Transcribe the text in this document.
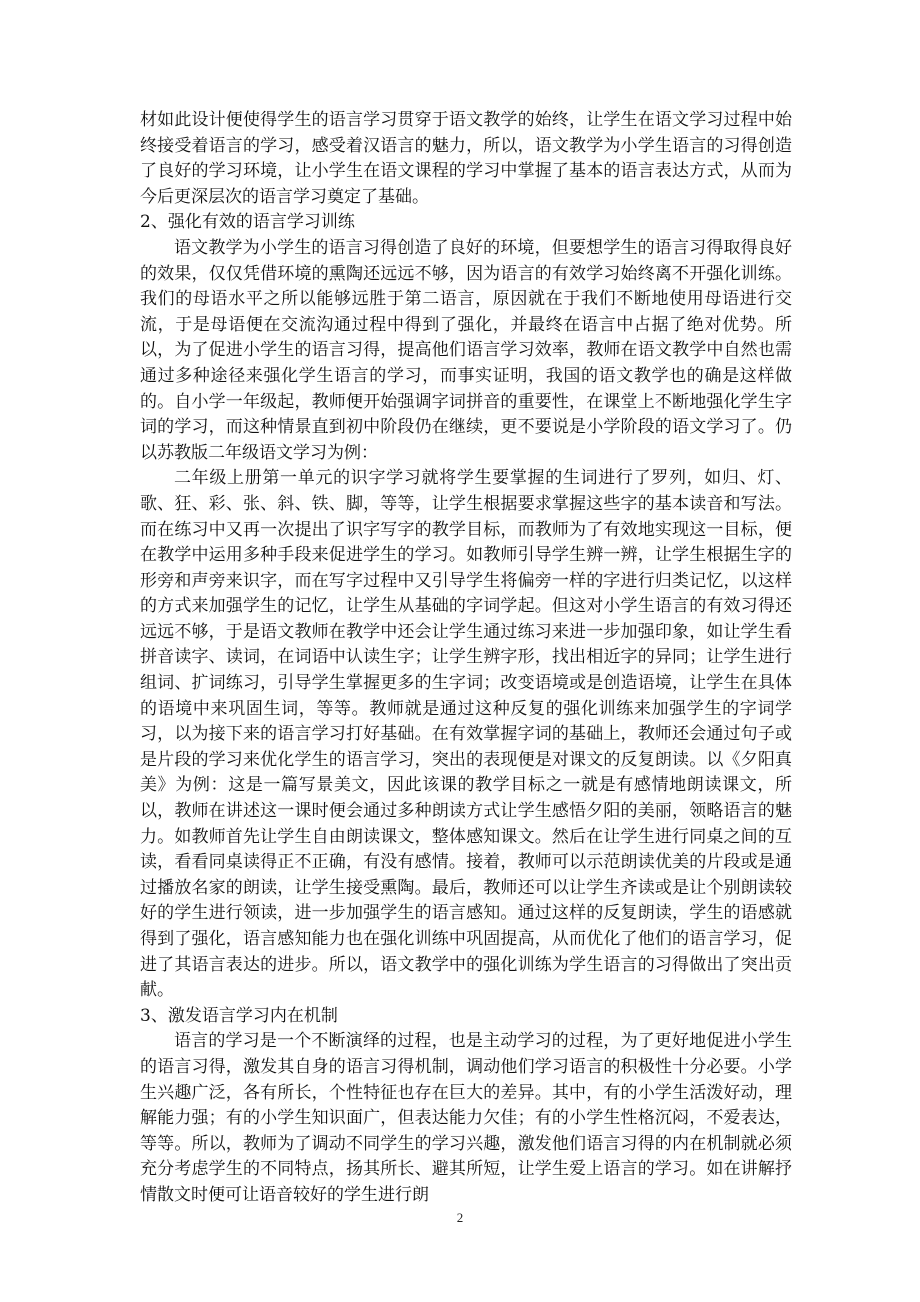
材如此设计便使得学生的语言学习贯穿于语文教学的始终，让学生在语文学习过程中始终接受着语言的学习，感受着汉语言的魅力，所以，语文教学为小学生语言的习得创造了良好的学习环境，让小学生在语文课程的学习中掌握了基本的语言表达方式，从而为今后更深层次的语言学习奠定了基础。

2、强化有效的语言学习训练

语文教学为小学生的语言习得创造了良好的环境，但要想学生的语言习得取得良好的效果，仅仅凭借环境的熏陶还远远不够，因为语言的有效学习始终离不开强化训练。我们的母语水平之所以能够远胜于第二语言，原因就在于我们不断地使用母语进行交流，于是母语便在交流沟通过程中得到了强化，并最终在语言中占据了绝对优势。所以，为了促进小学生的语言习得，提高他们语言学习效率，教师在语文教学中自然也需通过多种途径来强化学生语言的学习，而事实证明，我国的语文教学也的确是这样做的。自小学一年级起，教师便开始强调字词拼音的重要性，在课堂上不断地强化学生字词的学习，而这种情景直到初中阶段仍在继续，更不要说是小学阶段的语文学习了。仍以苏教版二年级语文学习为例：

二年级上册第一单元的识字学习就将学生要掌握的生词进行了罗列，如归、灯、歌、狂、彩、张、斜、铁、脚，等等，让学生根据要求掌握这些字的基本读音和写法。而在练习中又再一次提出了识字写字的教学目标，而教师为了有效地实现这一目标，便在教学中运用多种手段来促进学生的学习。如教师引导学生辨一辨，让学生根据生字的形旁和声旁来识字，而在写字过程中又引导学生将偏旁一样的字进行归类记忆，以这样的方式来加强学生的记忆，让学生从基础的字词学起。但这对小学生语言的有效习得还远远不够，于是语文教师在教学中还会让学生通过练习来进一步加强印象，如让学生看拼音读字、读词，在词语中认读生字；让学生辨字形，找出相近字的异同；让学生进行组词、扩词练习，引导学生掌握更多的生字词；改变语境或是创造语境，让学生在具体的语境中来巩固生词，等等。教师就是通过这种反复的强化训练来加强学生的字词学习，以为接下来的语言学习打好基础。在有效掌握字词的基础上，教师还会通过句子或是片段的学习来优化学生的语言学习，突出的表现便是对课文的反复朗读。以《夕阳真美》为例：这是一篇写景美文，因此该课的教学目标之一就是有感情地朗读课文，所以，教师在讲述这一课时便会通过多种朗读方式让学生感悟夕阳的美丽，领略语言的魅力。如教师首先让学生自由朗读课文，整体感知课文。然后在让学生进行同桌之间的互读，看看同桌读得正不正确，有没有感情。接着，教师可以示范朗读优美的片段或是通过播放名家的朗读，让学生接受熏陶。最后，教师还可以让学生齐读或是让个别朗读较好的学生进行领读，进一步加强学生的语言感知。通过这样的反复朗读，学生的语感就得到了强化，语言感知能力也在强化训练中巩固提高，从而优化了他们的语言学习，促进了其语言表达的进步。所以，语文教学中的强化训练为学生语言的习得做出了突出贡献。

3、激发语言学习内在机制

语言的学习是一个不断演绎的过程，也是主动学习的过程，为了更好地促进小学生的语言习得，激发其自身的语言习得机制，调动他们学习语言的积极性十分必要。小学生兴趣广泛，各有所长，个性特征也存在巨大的差异。其中，有的小学生活泼好动，理解能力强；有的小学生知识面广，但表达能力欠佳；有的小学生性格沉闷，不爱表达，等等。所以，教师为了调动不同学生的学习兴趣，激发他们语言习得的内在机制就必须充分考虑学生的不同特点，扬其所长、避其所短，让学生爱上语言的学习。如在讲解抒情散文时便可让语音较好的学生进行朗

2
